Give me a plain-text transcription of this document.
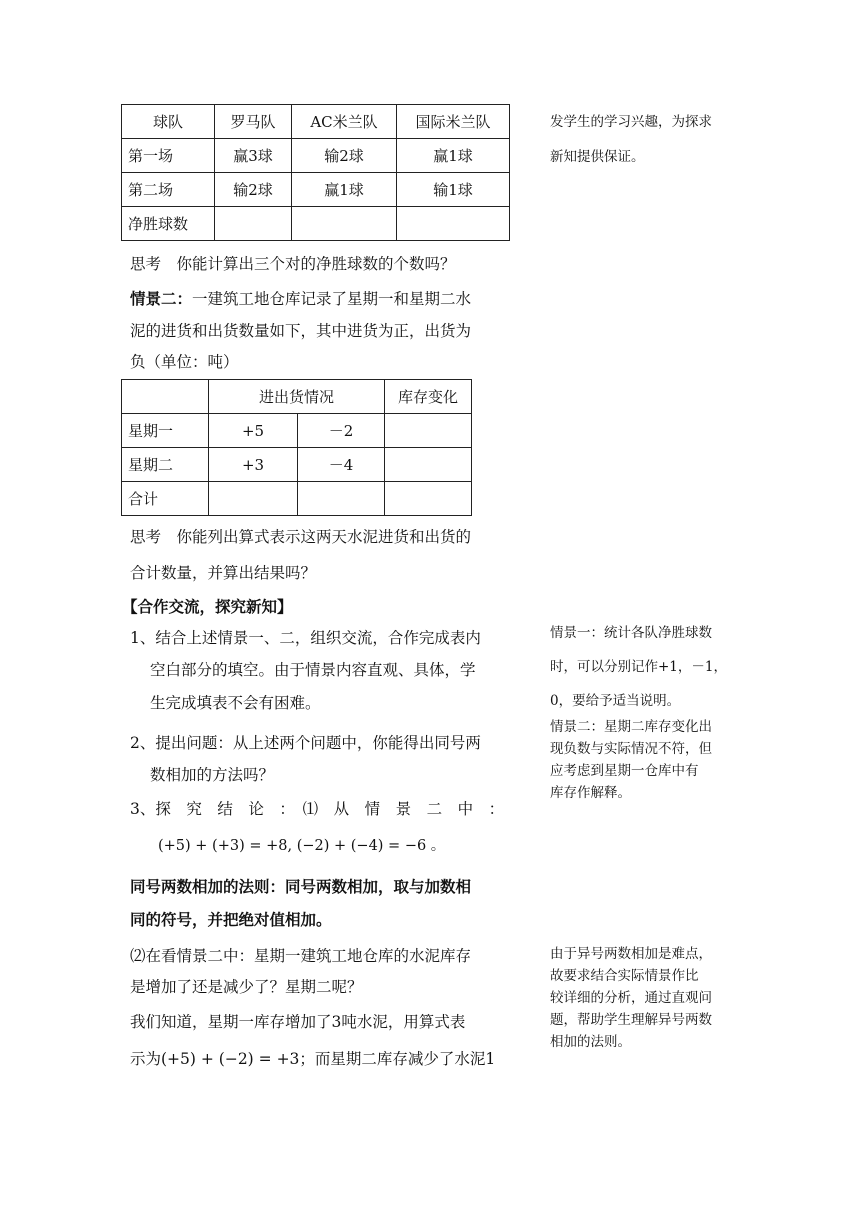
球队	罗马队	AC米兰队	国际米兰队
第一场	赢3球	输2球	赢1球
第二场	输2球	赢1球	输1球
净胜球数			
思考　你能计算出三个对的净胜球数的个数吗？
情景二：一建筑工地仓库记录了星期一和星期二水
泥的进货和出货数量如下，其中进货为正，出货为
负（单位：吨）
	进出货情况		库存变化
星期一	+5	－2	
星期二	+3	－4	
合计			
思考　你能列出算式表示这两天水泥进货和出货的
合计数量，并算出结果吗？
【合作交流，探究新知】
1、结合上述情景一、二，组织交流，合作完成表内
空白部分的填空。由于情景内容直观、具体，学
生完成填表不会有困难。
2、提出问题：从上述两个问题中，你能得出同号两
数相加的方法吗？
3、探　究　结　论　：　⑴　从　情　景　二　中　：
(+5) + (+3) = +8, (−2) + (−4) = −6 。
同号两数相加的法则：同号两数相加，取与加数相
同的符号，并把绝对值相加。
⑵在看情景二中：星期一建筑工地仓库的水泥库存
是增加了还是减少了？星期二呢？
我们知道，星期一库存增加了3吨水泥，用算式表
示为(+5) + (−2) = +3；而星期二库存减少了水泥1
发学生的学习兴趣，为探求
新知提供保证。
情景一：统计各队净胜球数
时，可以分别记作+1，－1，
0，要给予适当说明。
情景二：星期二库存变化出
现负数与实际情况不符，但
应考虑到星期一仓库中有
库存作解释。
由于异号两数相加是难点，
故要求结合实际情景作比
较详细的分析，通过直观问
题，帮助学生理解异号两数
相加的法则。
